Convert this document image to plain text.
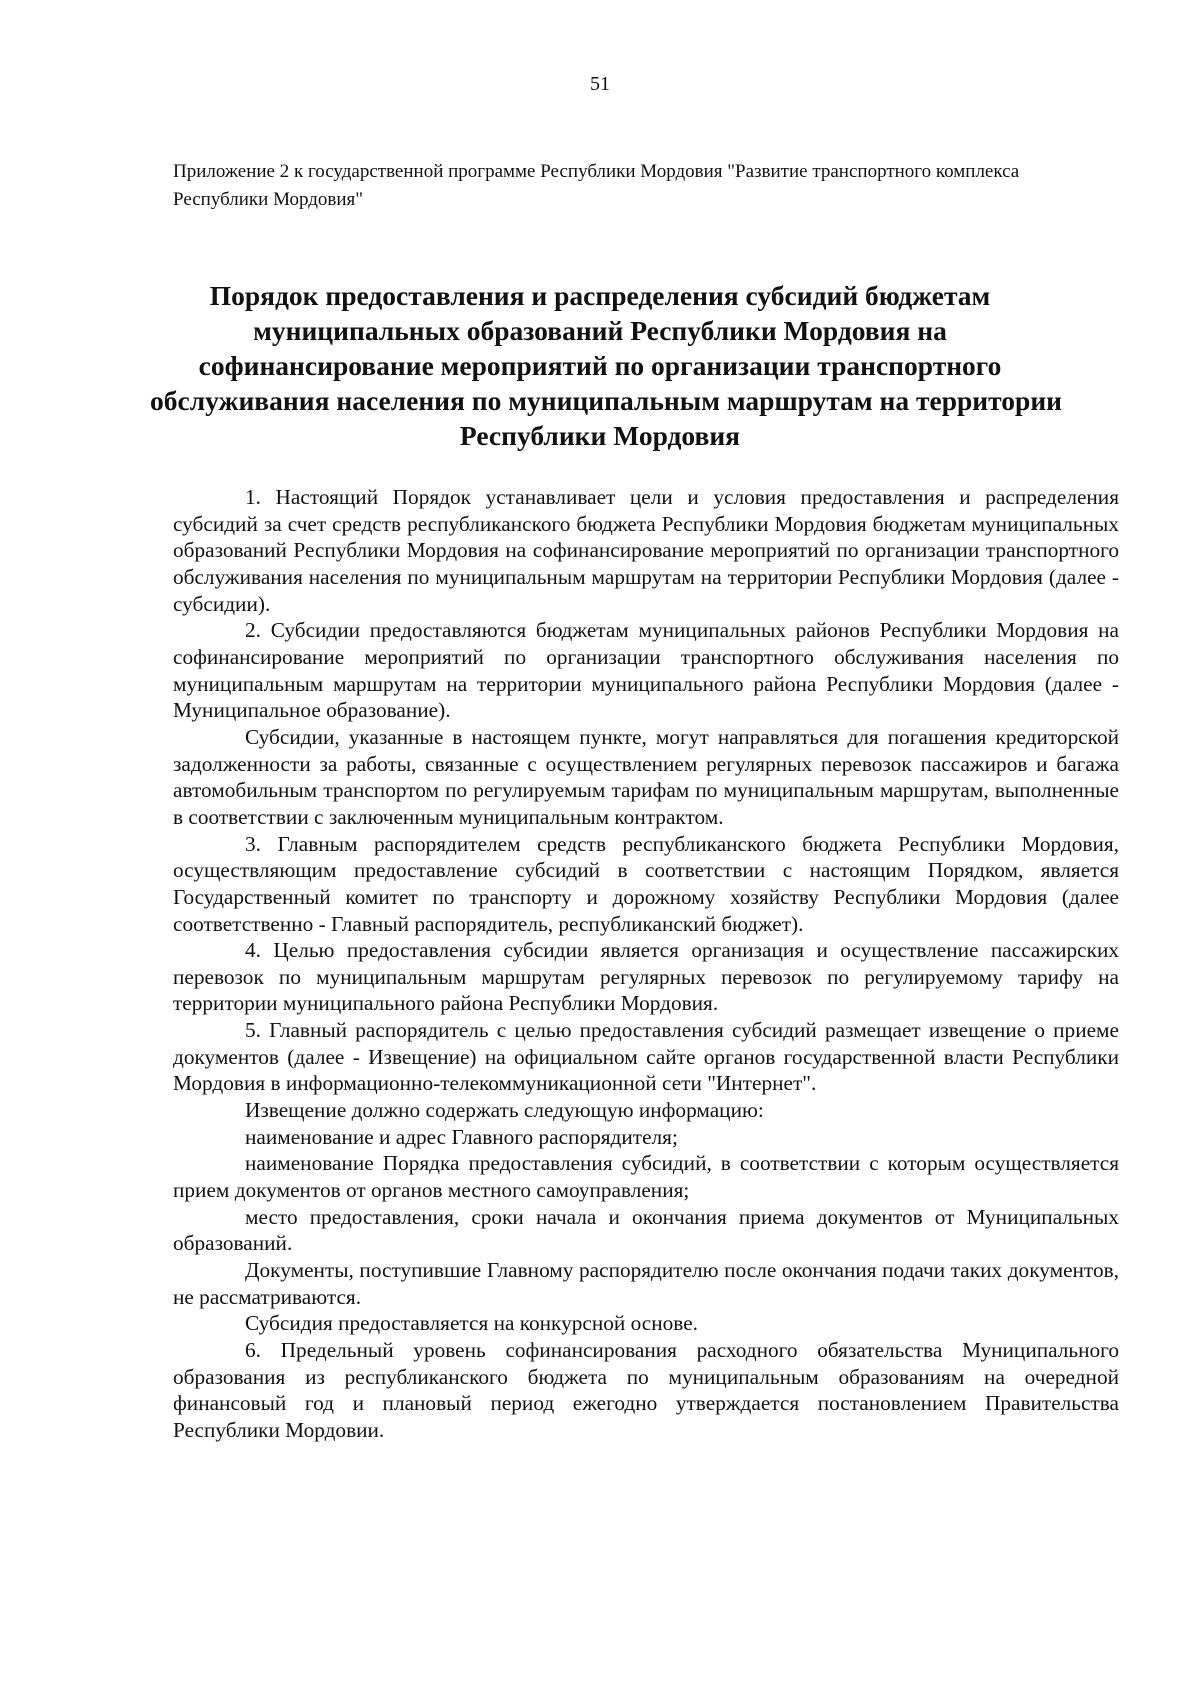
51
Приложение 2 к государственной программе Республики Мордовия "Развитие транспортного комплекса Республики Мордовия"
Порядок предоставления и распределения субсидий бюджетам
муниципальных образований Республики Мордовия на
софинансирование мероприятий по организации транспортного
обслуживания населения по муниципальным маршрутам на территории
Республики Мордовия

1. Настоящий Порядок устанавливает цели и условия предоставления и распределения субсидий за счет средств республиканского бюджета Республики Мордовия бюджетам муниципальных образований Республики Мордовия на софинансирование мероприятий по организации транспортного обслуживания населения по муниципальным маршрутам на территории Республики Мордовия (далее - субсидии).

2. Субсидии предоставляются бюджетам муниципальных районов Республики Мордовия на софинансирование мероприятий по организации транспортного обслуживания населения по муниципальным маршрутам на территории муниципального района Республики Мордовия (далее - Муниципальное образование).

Субсидии, указанные в настоящем пункте, могут направляться для погашения кредиторской задолженности за работы, связанные с осуществлением регулярных перевозок пассажиров и багажа автомобильным транспортом по регулируемым тарифам по муниципальным маршрутам, выполненные в соответствии с заключенным муниципальным контрактом.

3. Главным распорядителем средств республиканского бюджета Республики Мордовия, осуществляющим предоставление субсидий в соответствии с настоящим Порядком, является Государственный комитет по транспорту и дорожному хозяйству Республики Мордовия (далее соответственно - Главный распорядитель, республиканский бюджет).

4. Целью предоставления субсидии является организация и осуществление пассажирских перевозок по муниципальным маршрутам регулярных перевозок по регулируемому тарифу на территории муниципального района Республики Мордовия.

5. Главный распорядитель с целью предоставления субсидий размещает извещение о приеме документов (далее - Извещение) на официальном сайте органов государственной власти Республики Мордовия в информационно-телекоммуникационной сети "Интернет".

Извещение должно содержать следующую информацию:

наименование и адрес Главного распорядителя;

наименование Порядка предоставления субсидий, в соответствии с которым осуществляется прием документов от органов местного самоуправления;

место предоставления, сроки начала и окончания приема документов от Муниципальных образований.

Документы, поступившие Главному распорядителю после окончания подачи таких документов, не рассматриваются.

Субсидия предоставляется на конкурсной основе.

6. Предельный уровень софинансирования расходного обязательства Муниципального образования из республиканского бюджета по муниципальным образованиям на очередной финансовый год и плановый период ежегодно утверждается постановлением Правительства Республики Мордовии.
